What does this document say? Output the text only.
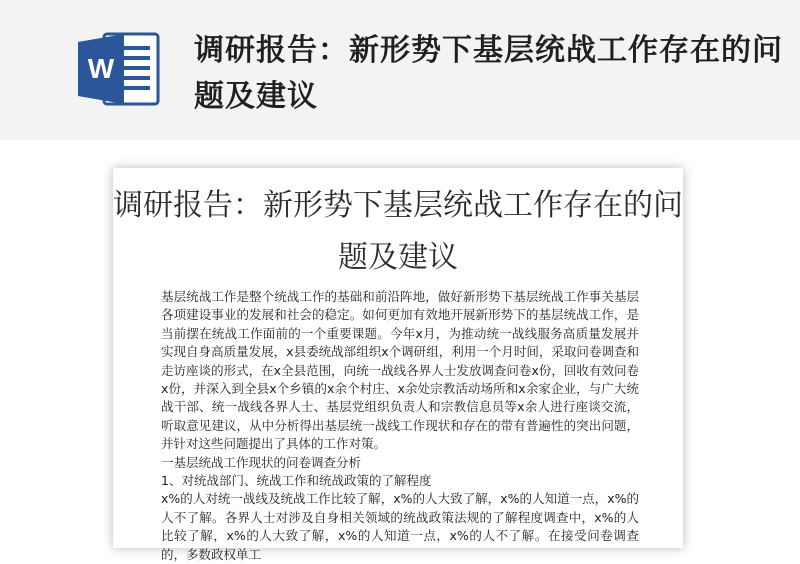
W
调研报告：新形势下基层统战工作存在的问题及建议
调研报告：新形势下基层统战工作存在的问题及建议

基层统战工作是整个统战工作的基础和前沿阵地，做好新形势下基层统战工作事关基层各项建设事业的发展和社会的稳定。如何更加有效地开展新形势下的基层统战工作，是当前摆在统战工作面前的一个重要课题。今年x月，为推动统一战线服务高质量发展并实现自身高质量发展，x县委统战部组织x个调研组，利用一个月时间，采取问卷调查和走访座谈的形式，在x全县范围，向统一战线各界人士发放调查问卷x份，回收有效问卷x份，并深入到全县x个乡镇的x余个村庄、x余处宗教活动场所和x余家企业，与广大统战干部、统一战线各界人士、基层党组织负责人和宗教信息员等x余人进行座谈交流，听取意见建议，从中分析得出基层统一战线工作现状和存在的带有普遍性的突出问题，并针对这些问题提出了具体的工作对策。

一基层统战工作现状的问卷调查分析

1、对统战部门、统战工作和统战政策的了解程度

x%的人对统一战线及统战工作比较了解，x%的人大致了解，x%的人知道一点，x%的人不了解。各界人士对涉及自身相关领域的统战政策法规的了解程度调查中，x%的人比较了解，x%的人大致了解，x%的人知道一点，x%的人不了解。在接受问卷调查的，多数政权单工
